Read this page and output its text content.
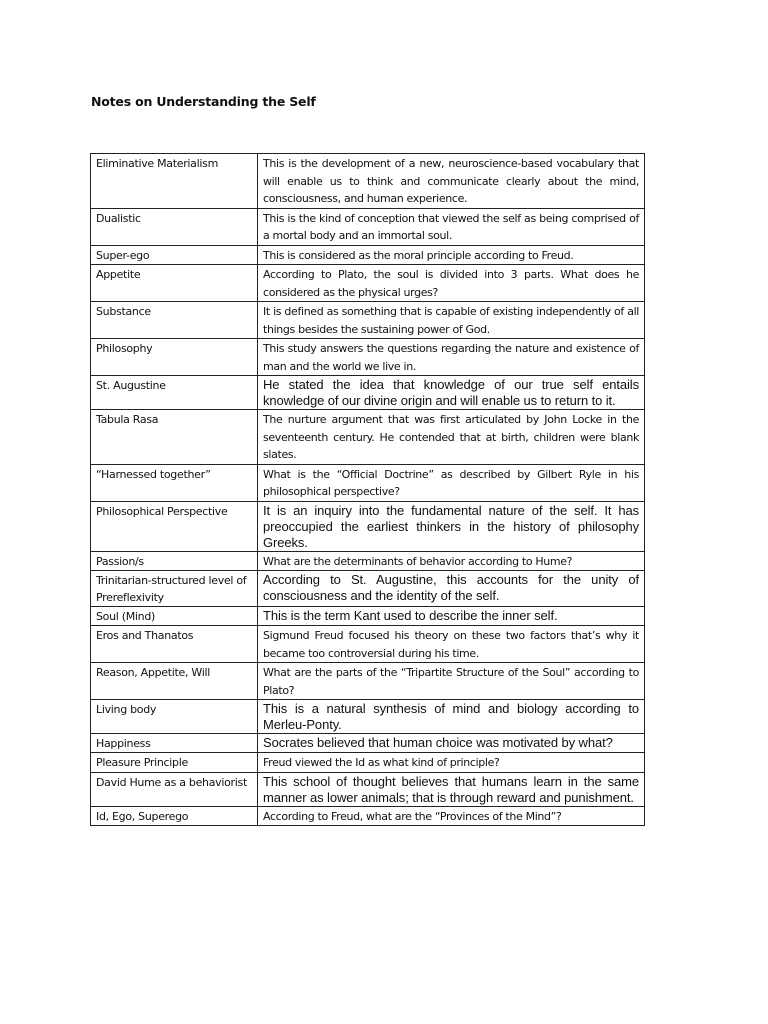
Notes on Understanding the Self
Eliminative Materialism	This is the development of a new, neuroscience-based vocabulary that will enable us to think and communicate clearly about the mind, consciousness, and human experience.
Dualistic	This is the kind of conception that viewed the self as being comprised of a mortal body and an immortal soul.
Super-ego	This is considered as the moral principle according to Freud.
Appetite	According to Plato, the soul is divided into 3 parts. What does he considered as the physical urges?
Substance	It is defined as something that is capable of existing independently of all things besides the sustaining power of God.
Philosophy	This study answers the questions regarding the nature and existence of man and the world we live in.
St. Augustine	He stated the idea that knowledge of our true self entails knowledge of our divine origin and will enable us to return to it.
Tabula Rasa	The nurture argument that was first articulated by John Locke in the seventeenth century. He contended that at birth, children were blank slates.
“Harnessed together”	What is the “Official Doctrine” as described by Gilbert Ryle in his philosophical perspective?
Philosophical Perspective	It is an inquiry into the fundamental nature of the self. It has preoccupied the earliest thinkers in the history of philosophy Greeks.
Passion/s	What are the determinants of behavior according to Hume?
Trinitarian-structured level of Prereflexivity	According to St. Augustine, this accounts for the unity of consciousness and the identity of the self.
Soul (Mind)	This is the term Kant used to describe the inner self.
Eros and Thanatos	Sigmund Freud focused his theory on these two factors that’s why it became too controversial during his time.
Reason, Appetite, Will	What are the parts of the “Tripartite Structure of the Soul” according to Plato?
Living body	This is a natural synthesis of mind and biology according to Merleu-Ponty.
Happiness	Socrates believed that human choice was motivated by what?
Pleasure Principle	Freud viewed the Id as what kind of principle?
David Hume as a behaviorist	This school of thought believes that humans learn in the same manner as lower animals; that is through reward and punishment.
Id, Ego, Superego	According to Freud, what are the “Provinces of the Mind”?
